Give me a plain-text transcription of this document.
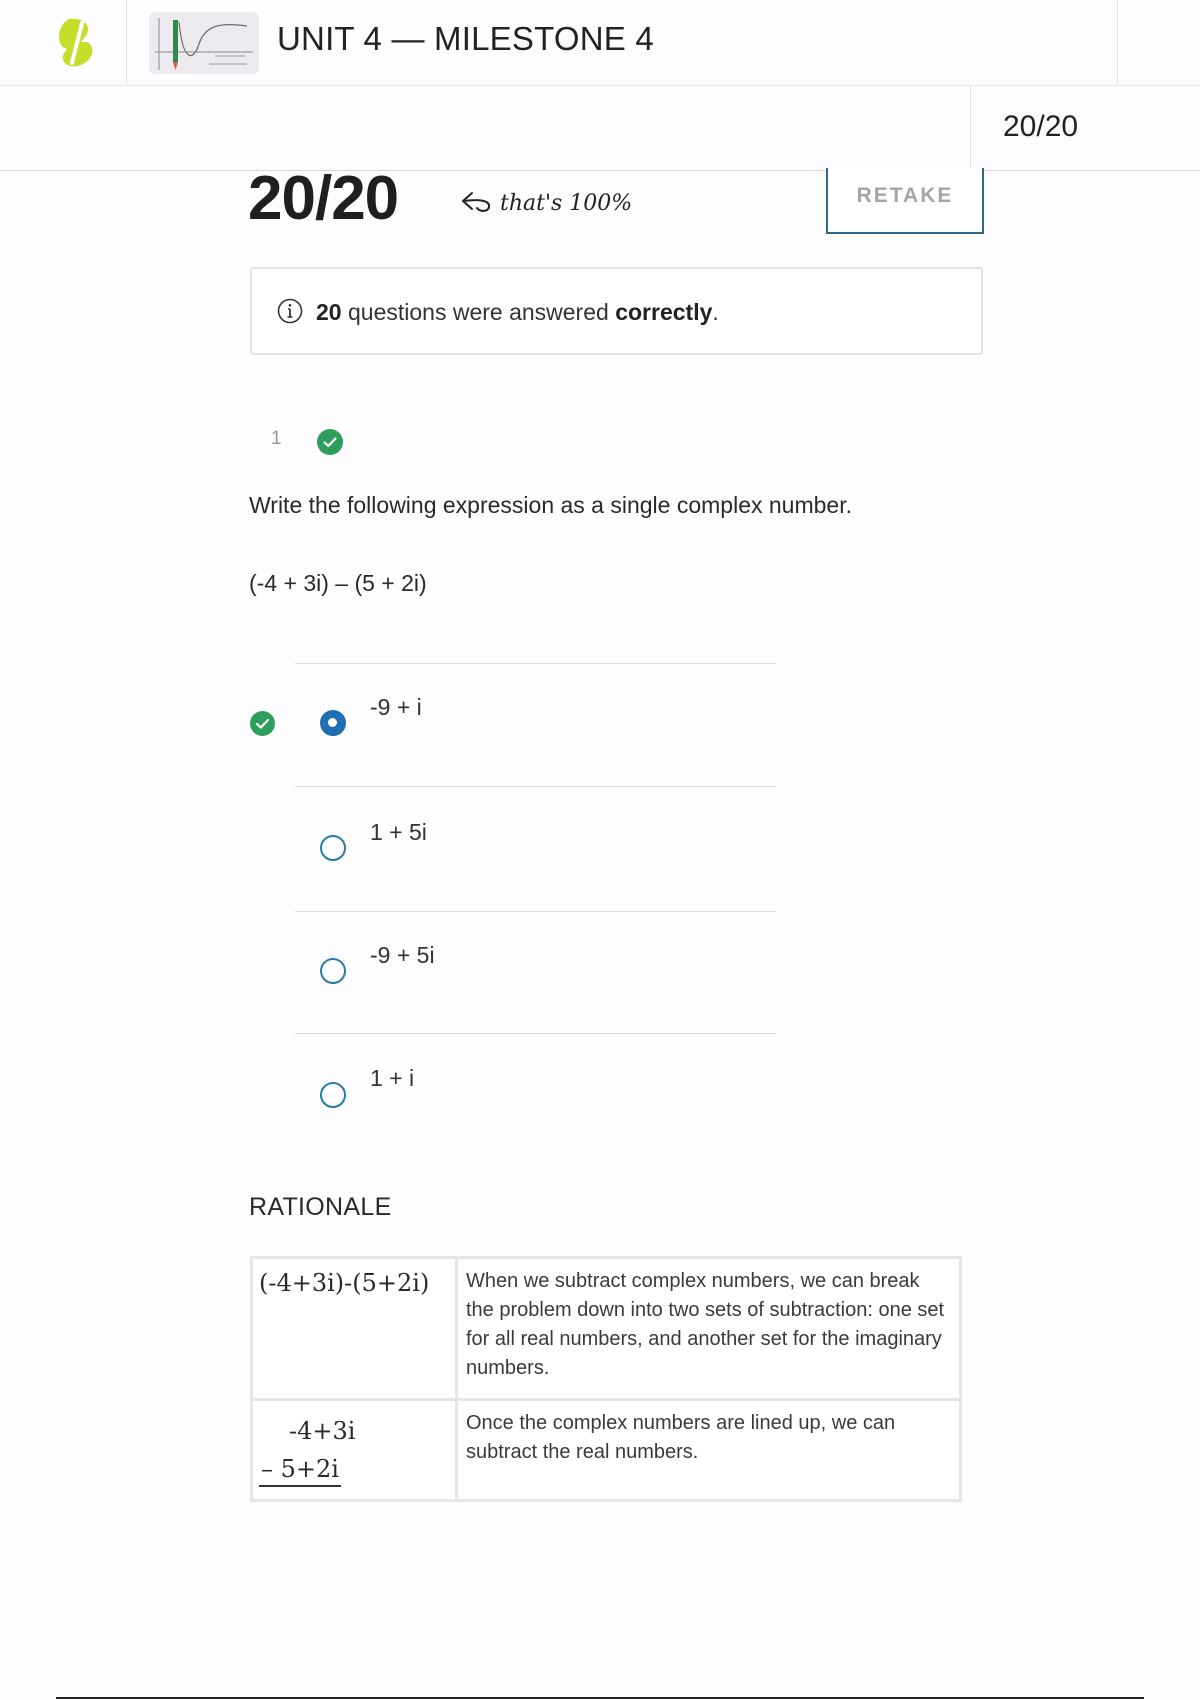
UNIT 4 — MILESTONE 4
20/20
20/20	that's 100%	RETAKE
20 questions were answered correctly.
1
Write the following expression as a single complex number.
(-4 + 3i) – (5 + 2i)
-9 + i
1 + 5i
-9 + 5i
1 + i
RATIONALE
(-4+3i)-(5+2i)	When we subtract complex numbers, we can break the problem down into two sets of subtraction: one set for all real numbers, and another set for the imaginary numbers.

-4+3i
– 5+2i	Once the complex numbers are lined up, we can subtract the real numbers.
